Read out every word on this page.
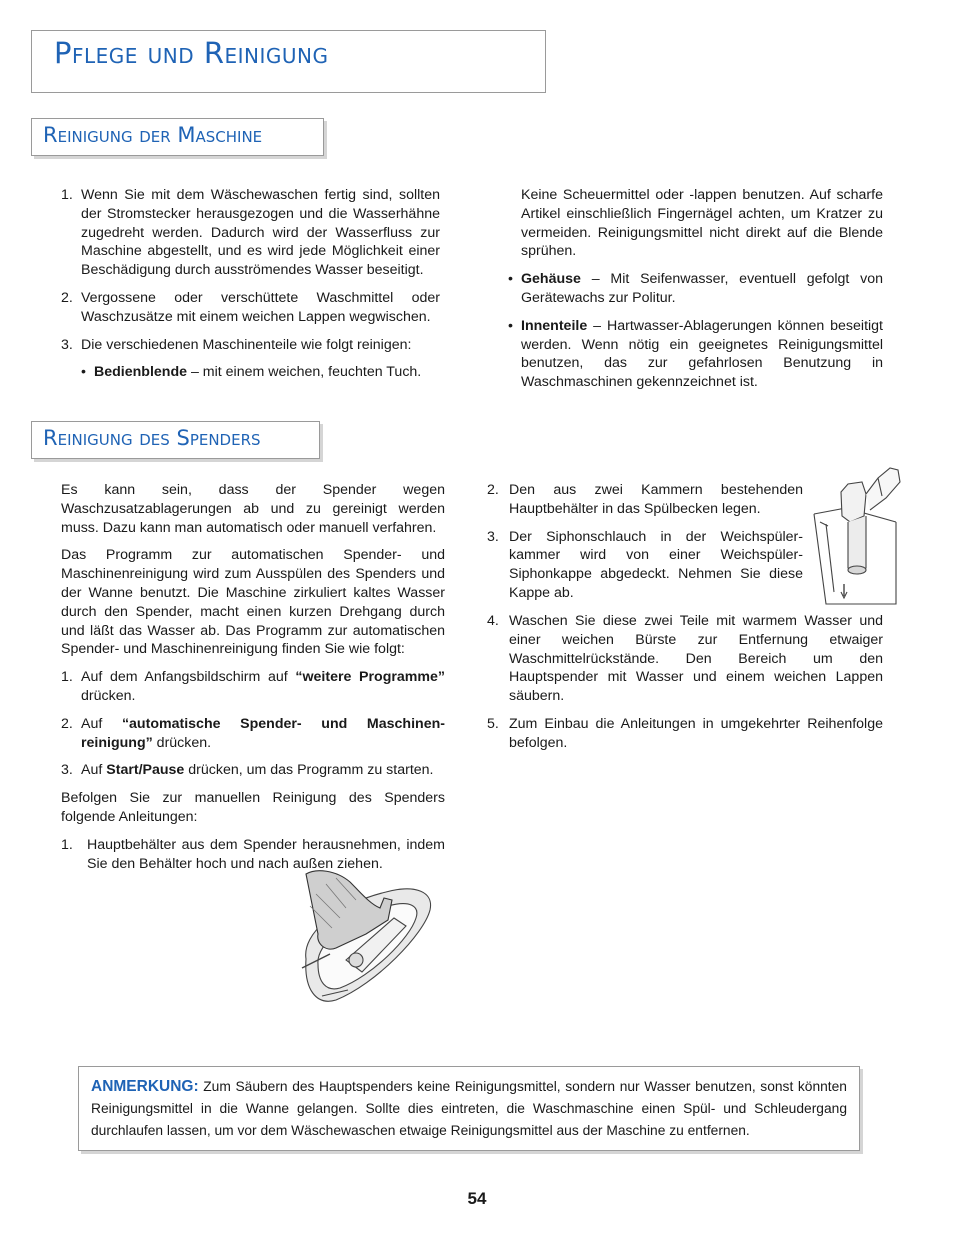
Pflege und Reinigung
Reinigung der Maschine
1. Wenn Sie mit dem Wäschewaschen fertig sind, sollten der Stromstecker herausgezogen und die Wasserhähne zugedreht werden. Dadurch wird der Wasserfluss zur Maschine abgestellt, und es wird jede Möglichkeit einer Beschädigung durch ausströmendes Wasser beseitigt.
2. Vergossene oder verschüttete Waschmittel oder Waschzusätze mit einem weichen Lappen wegwischen.
3. Die verschiedenen Maschinenteile wie folgt reinigen:
• Bedienblende – mit einem weichen, feuchten Tuch.

Keine Scheuermittel oder -lappen benutzen. Auf scharfe Artikel einschließlich Fingernägel achten, um Kratzer zu vermeiden. Reinigungsmittel nicht direkt auf die Blende sprühen.

• Gehäuse – Mit Seifenwasser, eventuell gefolgt von Gerätewachs zur Politur.
• Innenteile – Hartwasser-Ablagerungen können beseitigt werden. Wenn nötig ein geeignetes Reinigungsmittel benutzen, das zur gefahrlosen Benutzung in Waschmaschinen gekennzeichnet ist.
Reinigung des Spenders

Es kann sein, dass der Spender wegen Waschzusatzablagerungen ab und zu gereinigt werden muss. Dazu kann man automatisch oder manuell verfahren.

Das Programm zur automatischen Spender- und Maschinenreinigung wird zum Ausspülen des Spenders und der Wanne benutzt. Die Maschine zirkuliert kaltes Wasser durch den Spender, macht einen kurzen Drehgang durch und läßt das Wasser ab. Das Programm zur automatischen Spender- und Maschinenreinigung finden Sie wie folgt:

1. Auf dem Anfangsbildschirm auf “weitere Programme” drücken.
2. Auf “automatische Spender- und Maschinen-reinigung” drücken.
3. Auf Start/Pause drücken, um das Programm zu starten.

Befolgen Sie zur manuellen Reinigung des Spenders folgende Anleitungen:

1. Hauptbehälter aus dem Spender herausnehmen, indem Sie den Behälter hoch und nach außen ziehen.
2. Den aus zwei Kammern bestehenden Hauptbehälter in das Spülbecken legen.
3. Der Siphonschlauch in der Weichspüler-kammer wird von einer Weichspüler-Siphonkappe abgedeckt. Nehmen Sie diese Kappe ab.
4. Waschen Sie diese zwei Teile mit warmem Wasser und einer weichen Bürste zur Entfernung etwaiger Waschmittelrückstände. Den Bereich um den Hauptspender mit Wasser und einem weichen Lappen säubern.
5. Zum Einbau die Anleitungen in umgekehrter Reihenfolge befolgen.
ANMERKUNG: Zum Säubern des Hauptspenders keine Reinigungsmittel, sondern nur Wasser benutzen, sonst könnten Reinigungsmittel in die Wanne gelangen. Sollte dies eintreten, die Waschmaschine einen Spül- und Schleudergang durchlaufen lassen, um vor dem Wäschewaschen etwaige Reinigungsmittel aus der Maschine zu entfernen.
54
